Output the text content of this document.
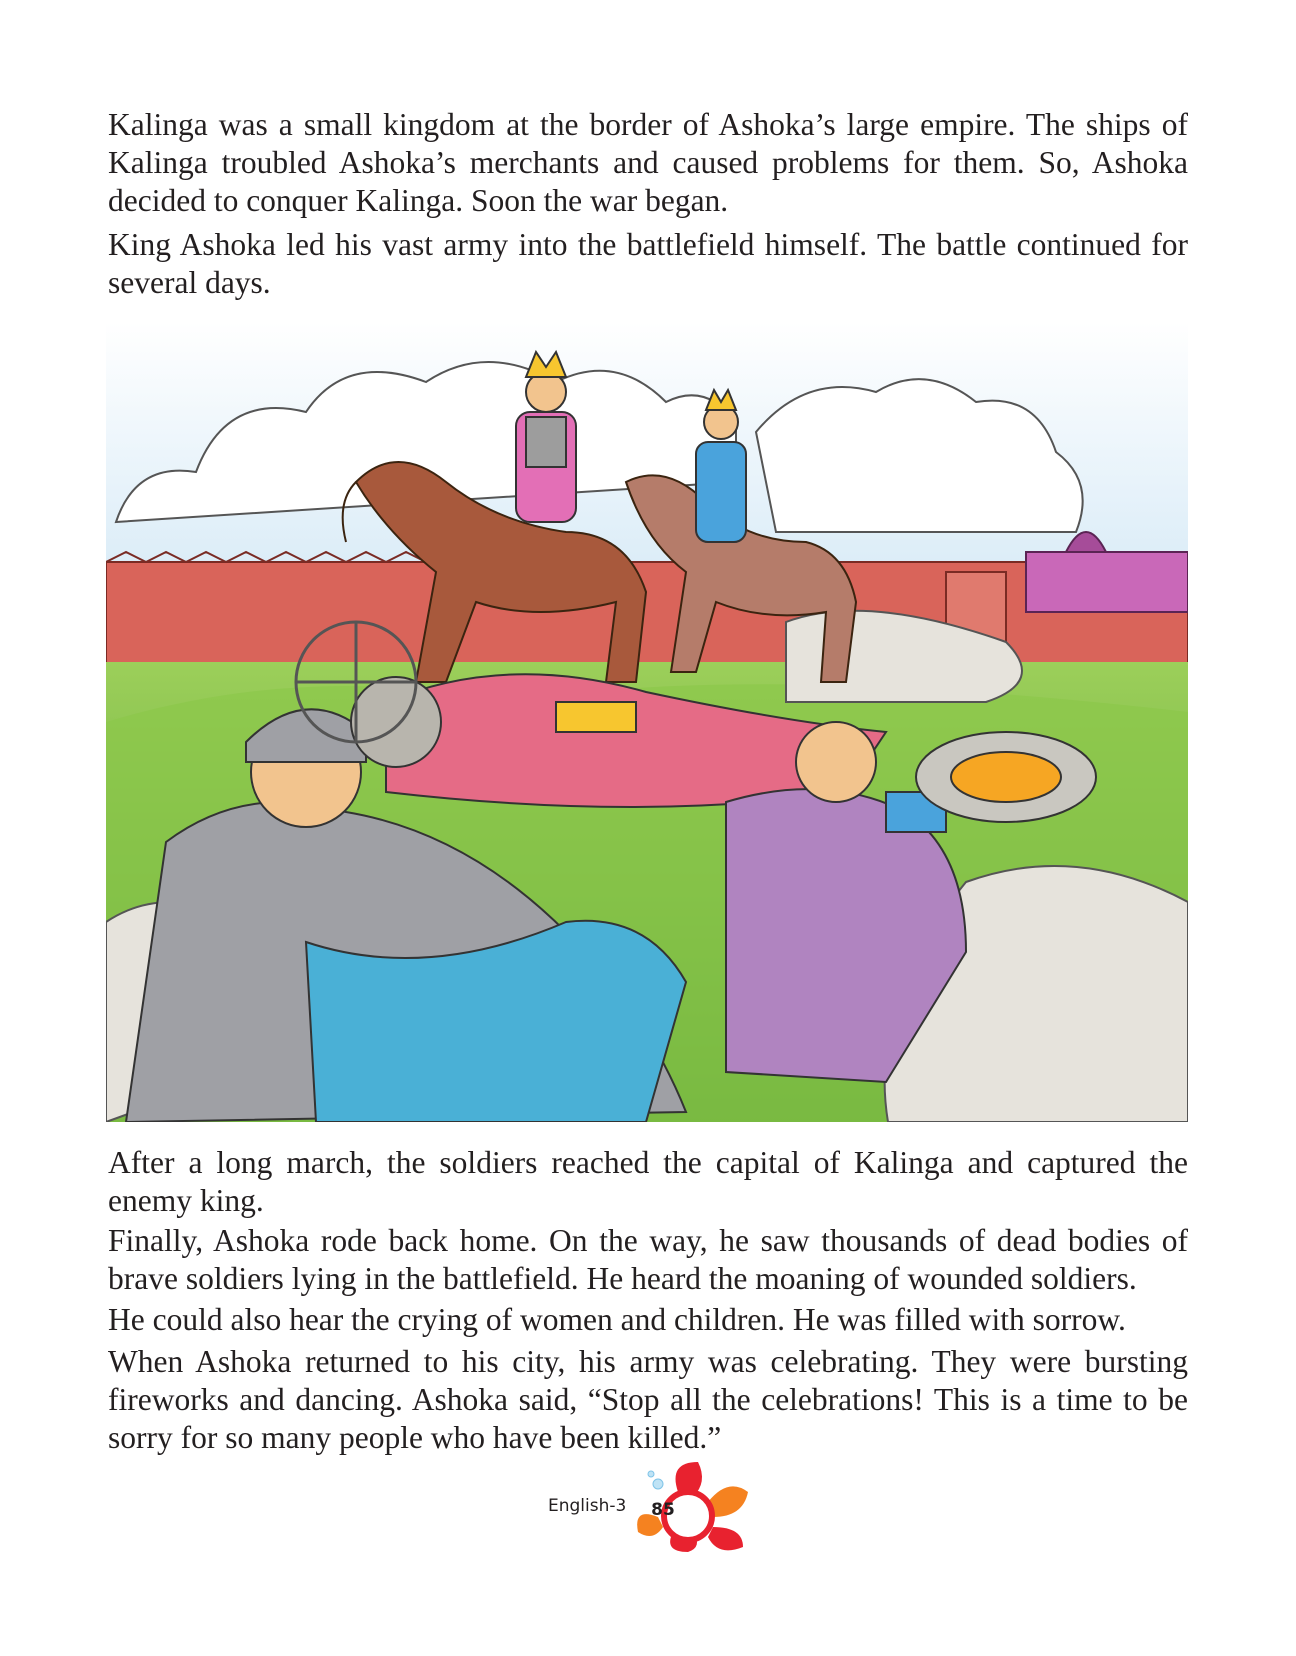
Kalinga was a small kingdom at the border of Ashoka’s large empire. The ships of Kalinga troubled Ashoka’s merchants and caused problems for them. So, Ashoka decided to conquer Kalinga. Soon the war began.

King Ashoka led his vast army into the battlefield himself. The battle continued for several days.

After a long march, the soldiers reached the capital of Kalinga and captured the enemy king.

Finally, Ashoka rode back home. On the way, he saw thousands of dead bodies of brave soldiers lying in the battlefield. He heard the moaning of wounded soldiers.

He could also hear the crying of women and children. He was filled with sorrow.

When Ashoka returned to his city, his army was celebrating. They were bursting fireworks and dancing. Ashoka said, “Stop all the celebrations! This is a time to be sorry for so many people who have been killed.”

English-3 85
